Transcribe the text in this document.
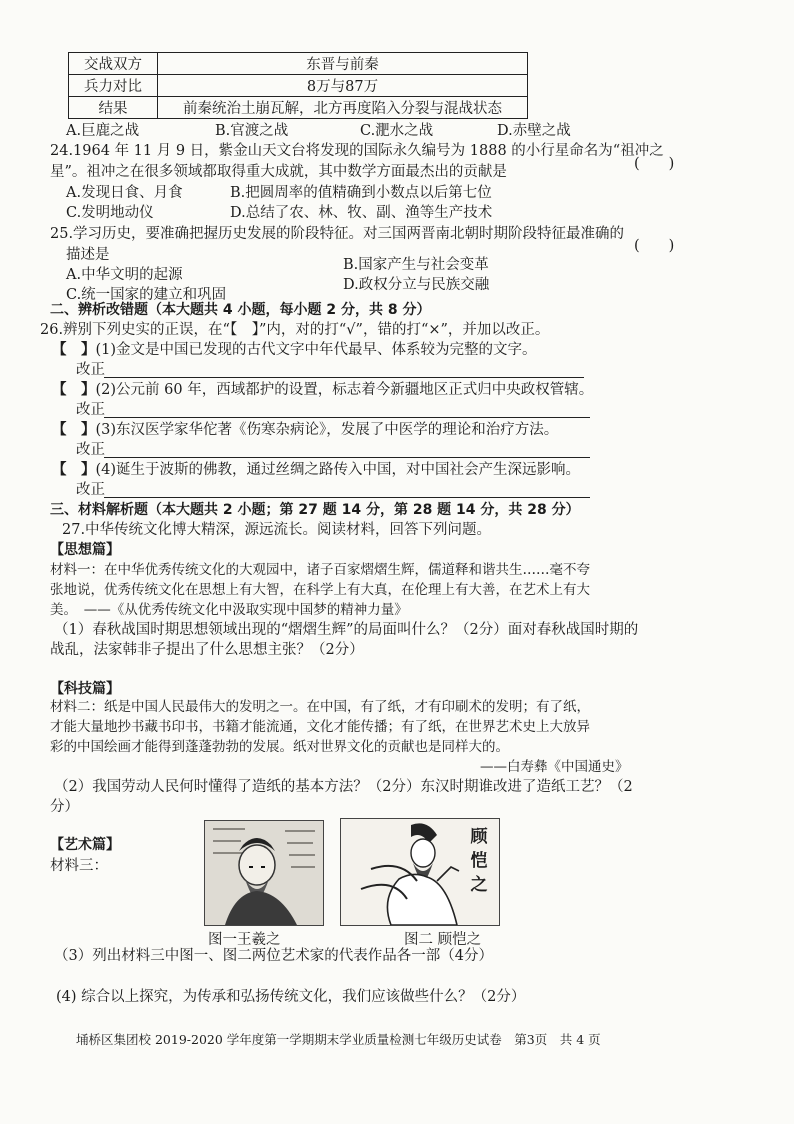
交战双方	东晋与前秦
兵力对比	8万与87万
结果	前秦统治土崩瓦解，北方再度陷入分裂与混战状态
A.巨鹿之战	B.官渡之战	C.淝水之战	D.赤壁之战
24.1964 年 11 月 9 日，紫金山天文台将发现的国际永久编号为 1888 的小行星命名为“祖冲之
(　　)
星”。祖冲之在很多领域都取得重大成就，其中数学方面最杰出的贡献是
A.发现日食、月食	B.把圆周率的值精确到小数点以后第七位
C.发明地动仪	D.总结了农、林、牧、副、渔等生产技术
25.学习历史，要准确把握历史发展的阶段特征。对三国两晋南北朝时期阶段特征最准确的
(　　)
描述是
A.中华文明的起源
B.国家产生与社会变革
C.统一国家的建立和巩固
D.政权分立与民族交融
二、辨析改错题（本大题共 4 小题，每小题 2 分，共 8 分）
26.辨别下列史实的正误，在“【　】”内，对的打“√”，错的打“×”，并加以改正。
【　】(1)金文是中国已发现的古代文字中年代最早、体系较为完整的文字。
改正
【　】(2)公元前 60 年，西域都护的设置，标志着今新疆地区正式归中央政权管辖。
改正
【　】(3)东汉医学家华佗著《伤寒杂病论》，发展了中医学的理论和治疗方法。
改正
【　】(4)诞生于波斯的佛教，通过丝绸之路传入中国，对中国社会产生深远影响。
改正
三、材料解析题（本大题共 2 小题；第 27 题 14 分，第 28 题 14 分，共 28 分）
27.中华传统文化博大精深，源远流长。阅读材料，回答下列问题。
【思想篇】
材料一：在中华优秀传统文化的大观园中，诸子百家熠熠生辉，儒道释和谐共生……毫不夸
张地说，优秀传统文化在思想上有大智，在科学上有大真，在伦理上有大善，在艺术上有大
美。　——《从优秀传统文化中汲取实现中国梦的精神力量》
（1）春秋战国时期思想领域出现的“熠熠生辉”的局面叫什么？（2分）面对春秋战国时期的
战乱，法家韩非子提出了什么思想主张？（2分）
【科技篇】
材料二：纸是中国人民最伟大的发明之一。在中国，有了纸，才有印刷术的发明；有了纸，
才能大量地抄书藏书印书，书籍才能流通，文化才能传播；有了纸，在世界艺术史上大放异
彩的中国绘画才能得到蓬蓬勃勃的发展。纸对世界文化的贡献也是同样大的。
——白寿彝《中国通史》
（2）我国劳动人民何时懂得了造纸的基本方法？（2分）东汉时期谁改进了造纸工艺？（2
分）
【艺术篇】
材料三：
图一王羲之
顾
恺
之
图二 顾恺之
（3）列出材料三中图一、图二两位艺术家的代表作品各一部（4分）
(4) 综合以上探究，为传承和弘扬传统文化，我们应该做些什么？（2分）
埇桥区集团校 2019-2020 学年度第一学期期末学业质量检测七年级历史试卷　第3页　共 4 页
